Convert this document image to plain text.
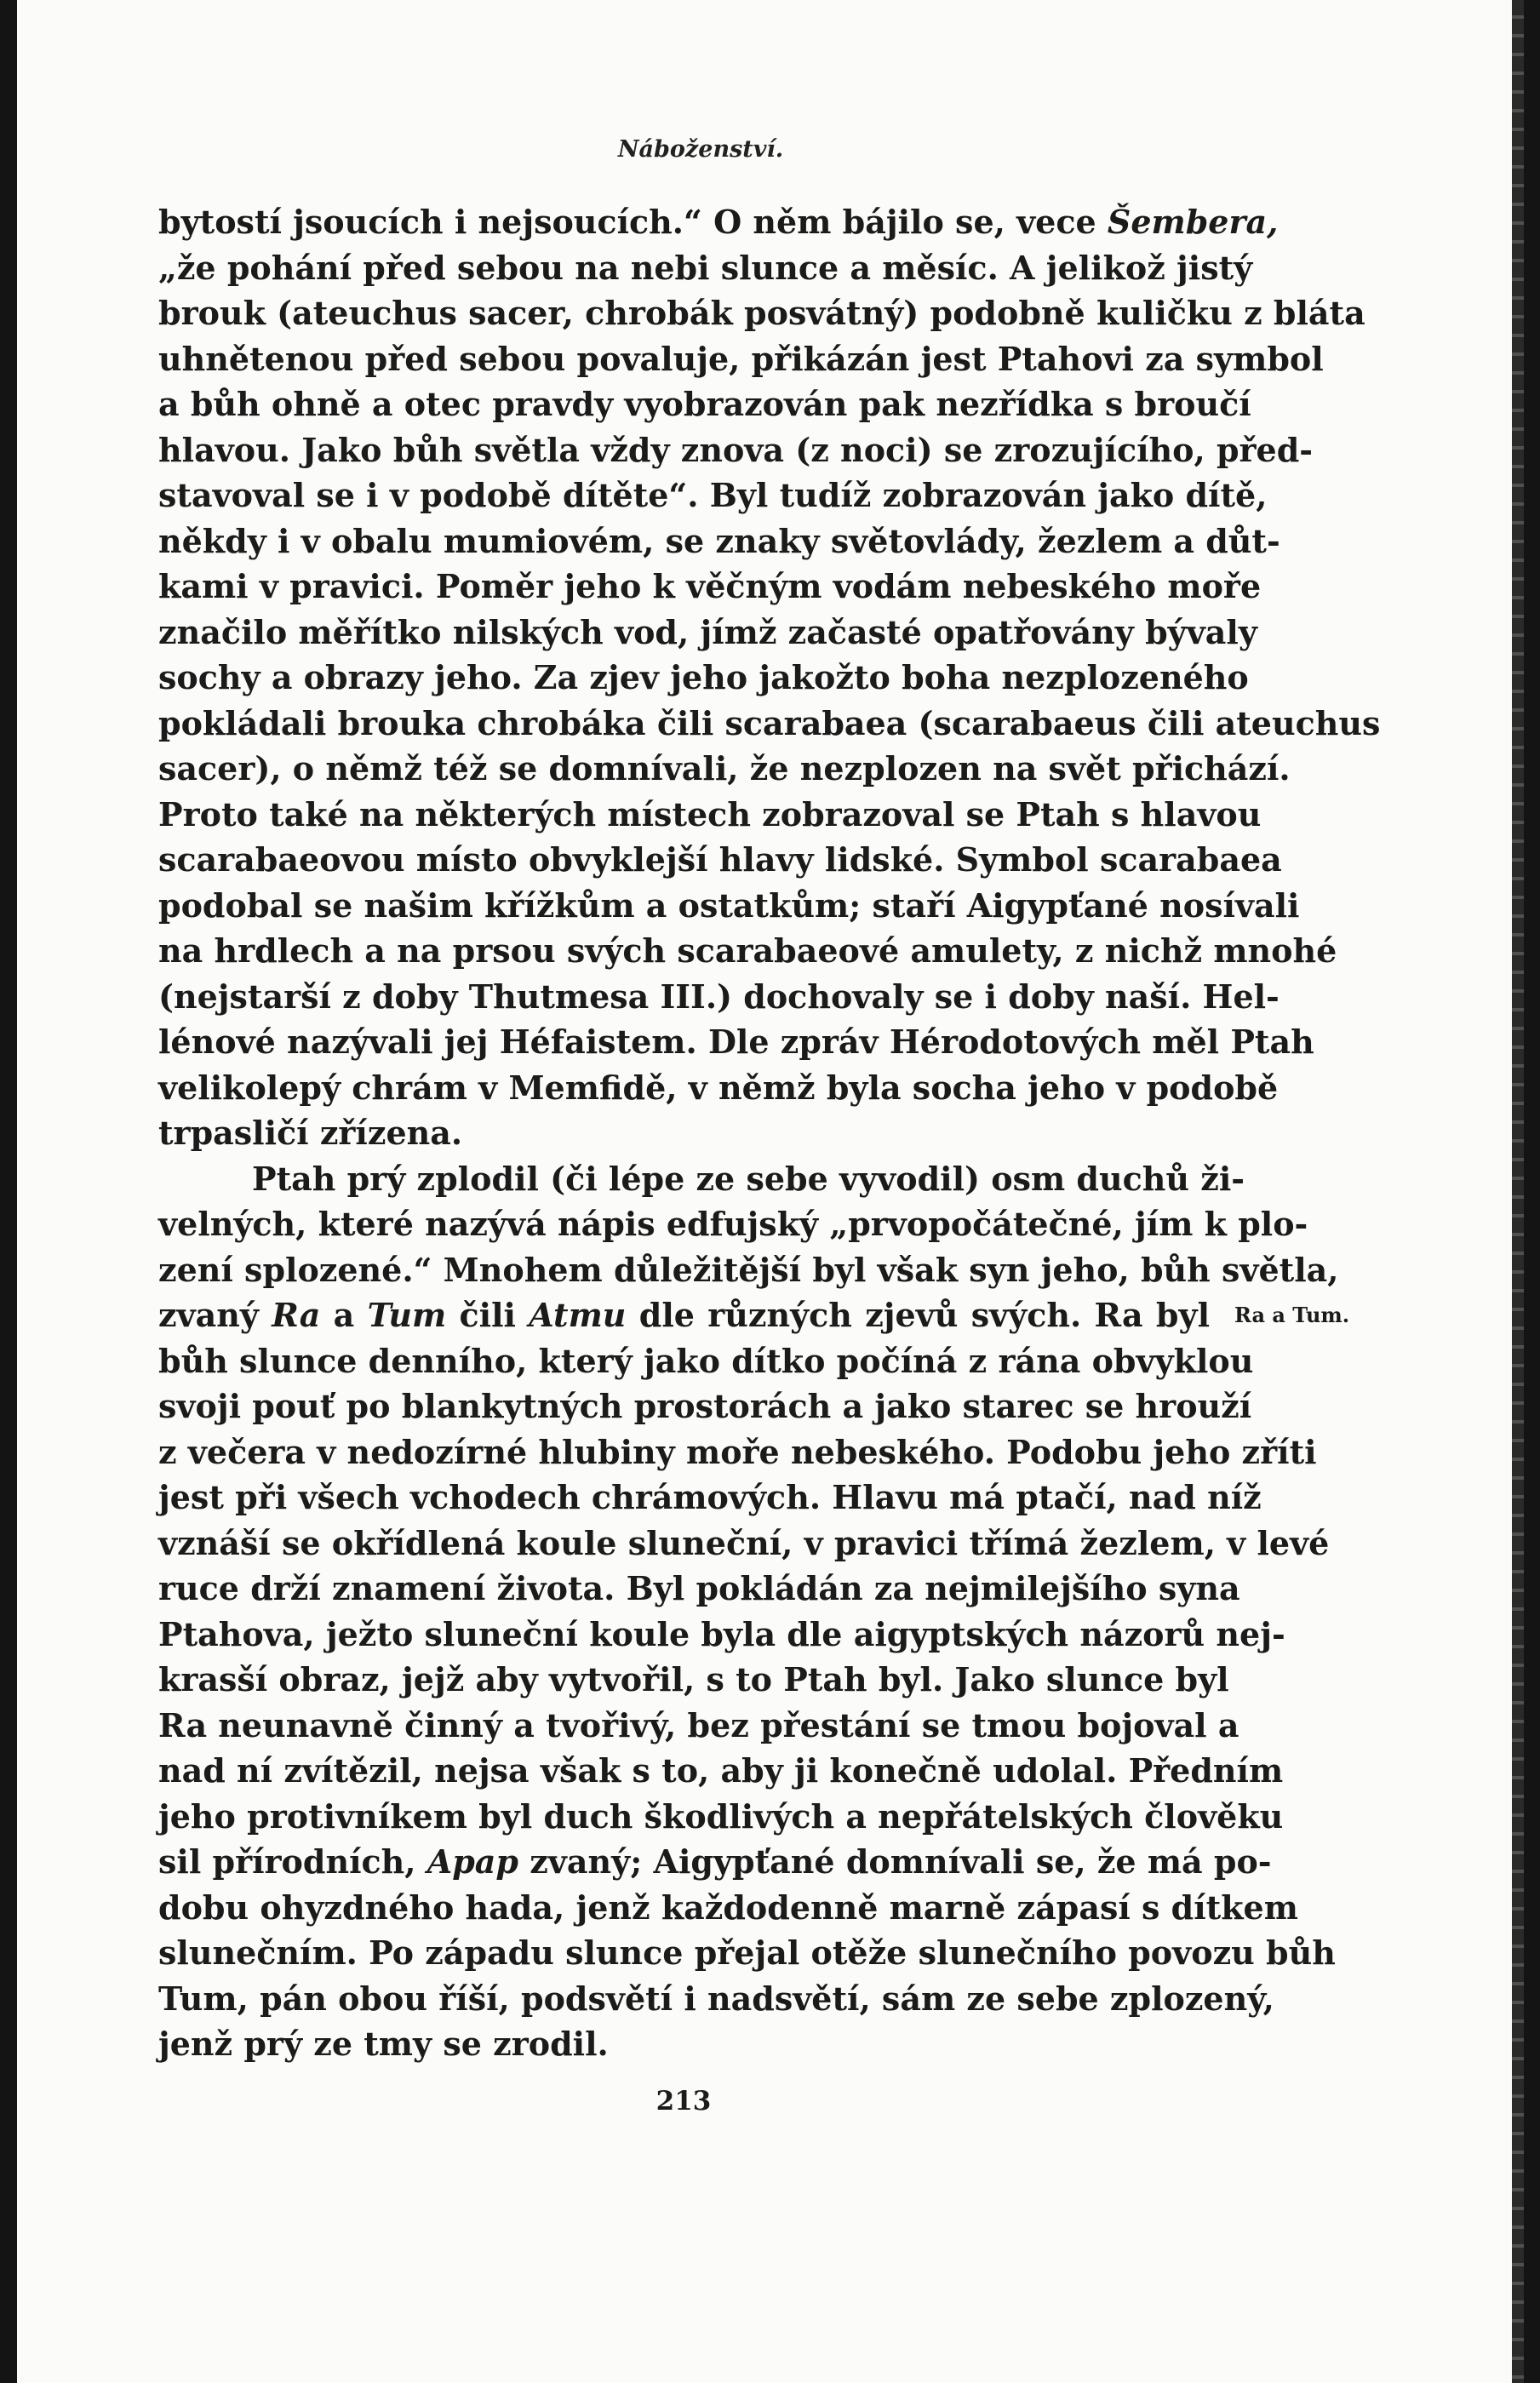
Náboženství.
bytostí jsoucích i nejsoucích.“ O něm bájilo se, vece Šembera,
„že pohání před sebou na nebi slunce a měsíc. A jelikož jistý
brouk (ateuchus sacer, chrobák posvátný) podobně kuličku z bláta
uhnětenou před sebou povaluje, přikázán jest Ptahovi za symbol
a bůh ohně a otec pravdy vyobrazován pak nezřídka s broučí
hlavou. Jako bůh světla vždy znova (z noci) se zrozujícího, před-
stavoval se i v podobě dítěte“. Byl tudíž zobrazován jako dítě,
někdy i v obalu mumiovém, se znaky světovlády, žezlem a důt-
kami v pravici. Poměr jeho k věčným vodám nebeského moře
značilo měřítko nilských vod, jímž začasté opatřovány bývaly
sochy a obrazy jeho. Za zjev jeho jakožto boha nezplozeného
pokládali brouka chrobáka čili scarabaea (scarabaeus čili ateuchus
sacer), o němž též se domnívali, že nezplozen na svět přichází.
Proto také na některých místech zobrazoval se Ptah s hlavou
scarabaeovou místo obvyklejší hlavy lidské. Symbol scarabaea
podobal se našim křížkům a ostatkům; staří Aigypťané nosívali
na hrdlech a na prsou svých scarabaeové amulety, z nichž mnohé
(nejstarší z doby Thutmesa III.) dochovaly se i doby naší. Hel-
lénové nazývali jej Héfaistem. Dle zpráv Hérodotových měl Ptah
velikolepý chrám v Memfidě, v němž byla socha jeho v podobě
trpasličí zřízena.
Ptah prý zplodil (či lépe ze sebe vyvodil) osm duchů ži-
velných, které nazývá nápis edfujský „prvopočátečné, jím k plo-
zení splozené.“ Mnohem důležitější byl však syn jeho, bůh světla,
zvaný Ra a Tum čili Atmu dle různých zjevů svých. Ra byl
bůh slunce denního, který jako dítko počíná z rána obvyklou
svoji pouť po blankytných prostorách a jako starec se hrouží
z večera v nedozírné hlubiny moře nebeského. Podobu jeho zříti
jest při všech vchodech chrámových. Hlavu má ptačí, nad níž
vznáší se okřídlená koule sluneční, v pravici třímá žezlem, v levé
ruce drží znamení života. Byl pokládán za nejmilejšího syna
Ptahova, ježto sluneční koule byla dle aigyptských názorů nej-
krasší obraz, jejž aby vytvořil, s to Ptah byl. Jako slunce byl
Ra neunavně činný a tvořivý, bez přestání se tmou bojoval a
nad ní zvítězil, nejsa však s to, aby ji konečně udolal. Předním
jeho protivníkem byl duch škodlivých a nepřátelských člověku
sil přírodních, Apap zvaný; Aigypťané domnívali se, že má po-
dobu ohyzdného hada, jenž každodenně marně zápasí s dítkem
slunečním. Po západu slunce přejal otěže slunečního povozu bůh
Tum, pán obou říší, podsvětí i nadsvětí, sám ze sebe zplozený,
jenž prý ze tmy se zrodil.
Ra a Tum.
213
